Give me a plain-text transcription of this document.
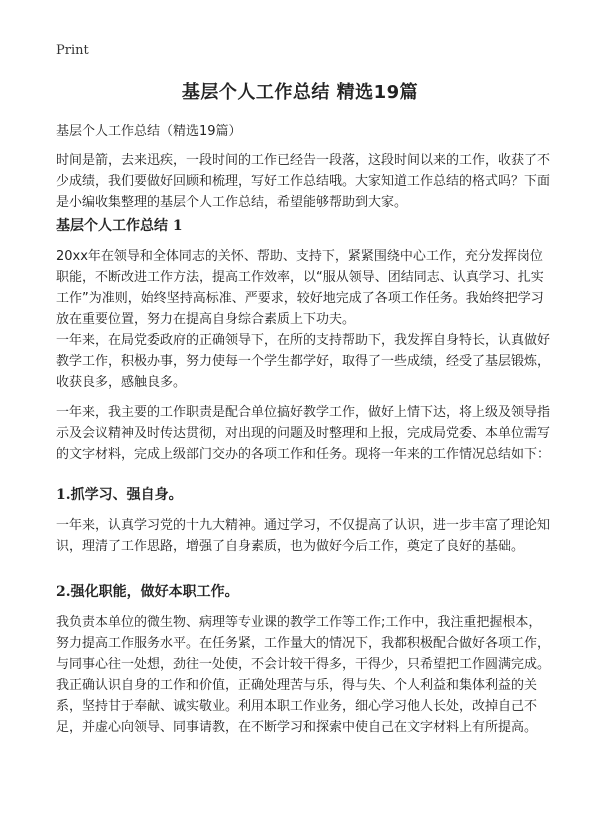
Print
基层个人工作总结 精选19篇
基层个人工作总结（精选19篇）
时间是箭，去来迅疾，一段时间的工作已经告一段落，这段时间以来的工作，收获了不少成绩，我们要做好回顾和梳理，写好工作总结哦。大家知道工作总结的格式吗？下面是小编收集整理的基层个人工作总结，希望能够帮助到大家。
基层个人工作总结 1
20xx年在领导和全体同志的关怀、帮助、支持下，紧紧围绕中心工作，充分发挥岗位职能，不断改进工作方法，提高工作效率，以“服从领导、团结同志、认真学习、扎实工作”为准则，始终坚持高标准、严要求，较好地完成了各项工作任务。我始终把学习放在重要位置，努力在提高自身综合素质上下功夫。
一年来，在局党委政府的正确领导下，在所的支持帮助下，我发挥自身特长，认真做好教学工作，积极办事，努力使每一个学生都学好，取得了一些成绩，经受了基层锻炼，收获良多，感触良多。
一年来，我主要的工作职责是配合单位搞好教学工作，做好上情下达，将上级及领导指示及会议精神及时传达贯彻，对出现的问题及时整理和上报，完成局党委、本单位需写的文字材料，完成上级部门交办的各项工作和任务。现将一年来的工作情况总结如下：
1.抓学习、强自身。
一年来，认真学习党的十九大精神。通过学习，不仅提高了认识，进一步丰富了理论知识，理清了工作思路，增强了自身素质，也为做好今后工作，奠定了良好的基础。
2.强化职能，做好本职工作。
我负责本单位的微生物、病理等专业课的教学工作等工作;工作中，我注重把握根本，努力提高工作服务水平。在任务紧，工作量大的情况下，我都积极配合做好各项工作，与同事心往一处想，劲往一处使，不会计较干得多，干得少，只希望把工作圆满完成。我正确认识自身的工作和价值，正确处理苦与乐，得与失、个人利益和集体利益的关系，坚持甘于奉献、诚实敬业。利用本职工作业务，细心学习他人长处，改掉自己不足，并虚心向领导、同事请教，在不断学习和探索中使自己在文字材料上有所提高。
